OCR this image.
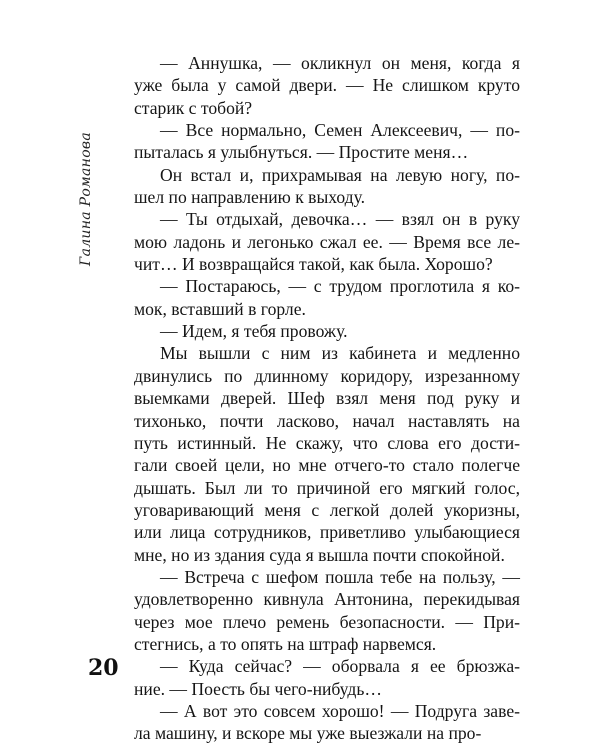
Галина Романова
20
— Аннушка, — окликнул он меня, когда я
уже была у самой двери. — Не слишком круто
старик с тобой?
— Все нормально, Семен Алексеевич, — по-
пыталась я улыбнуться. — Простите меня…
Он встал и, прихрамывая на левую ногу, по-
шел по направлению к выходу.
— Ты отдыхай, девочка… — взял он в руку
мою ладонь и легонько сжал ее. — Время все ле-
чит… И возвращайся такой, как была. Хорошо?
— Постараюсь, — с трудом проглотила я ко-
мок, вставший в горле.
— Идем, я тебя провожу.
Мы вышли с ним из кабинета и медленно
двинулись по длинному коридору, изрезанному
выемками дверей. Шеф взял меня под руку и
тихонько, почти ласково, начал наставлять на
путь истинный. Не скажу, что слова его дости-
гали своей цели, но мне отчего-то стало полегче
дышать. Был ли то причиной его мягкий голос,
уговаривающий меня с легкой долей укоризны,
или лица сотрудников, приветливо улыбающиеся
мне, но из здания суда я вышла почти спокойной.
— Встреча с шефом пошла тебе на пользу, —
удовлетворенно кивнула Антонина, перекидывая
через мое плечо ремень безопасности. — При-
стегнись, а то опять на штраф нарвемся.
— Куда сейчас? — оборвала я ее брюзжа-
ние. — Поесть бы чего-нибудь…
— А вот это совсем хорошо! — Подруга заве-
ла машину, и вскоре мы уже выезжали на про-
